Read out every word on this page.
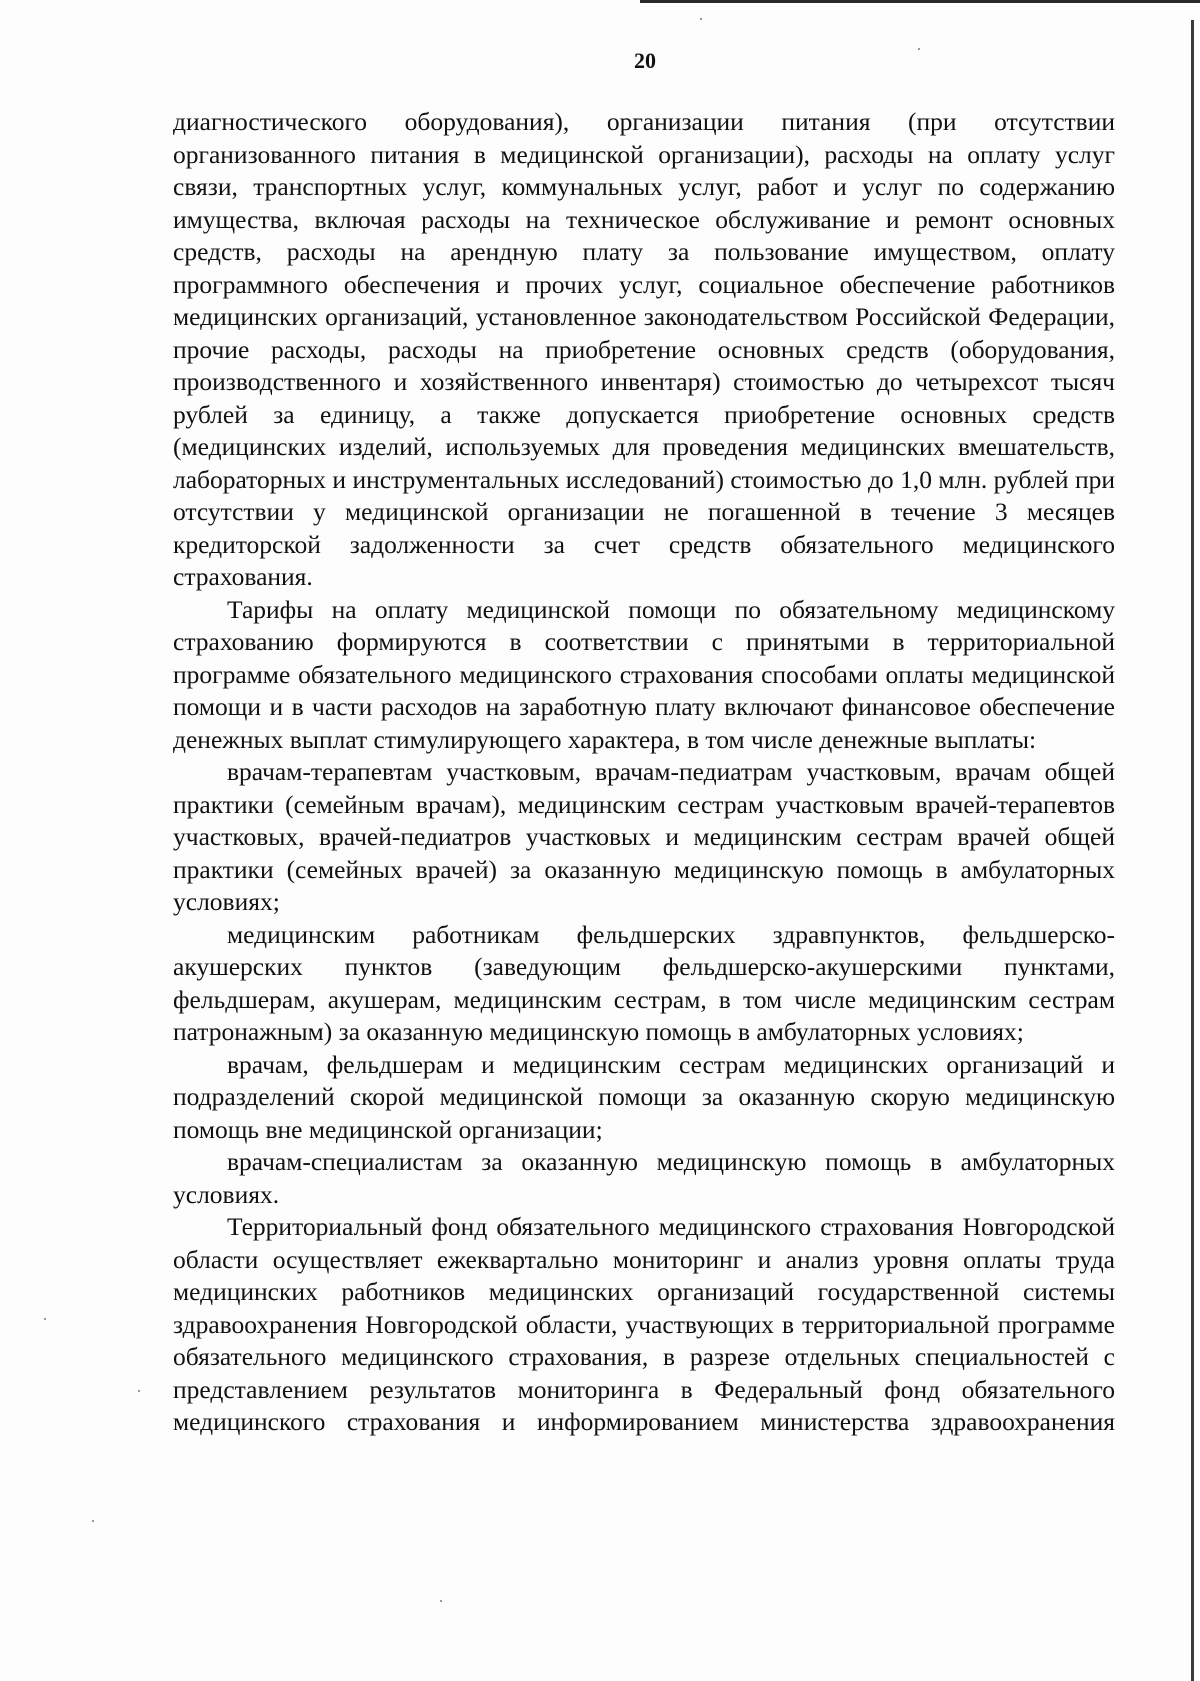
20

диагностического оборудования), организации питания (при отсутствии организованного питания в медицинской организации), расходы на оплату услуг связи, транспортных услуг, коммунальных услуг, работ и услуг по содержанию имущества, включая расходы на техническое обслуживание и ремонт основных средств, расходы на арендную плату за пользование имуществом, оплату программного обеспечения и прочих услуг, социальное обеспечение работников медицинских организаций, установленное законодательством Российской Федерации, прочие расходы, расходы на приобретение основных средств (оборудования, производственного и хозяйственного инвентаря) стоимостью до четырехсот тысяч рублей за единицу, а также допускается приобретение основных средств (медицинских изделий, используемых для проведения медицинских вмешательств, лабораторных и инструментальных исследований) стоимостью до 1,0 млн. рублей при отсутствии у медицинской организации не погашенной в течение 3 месяцев кредиторской задолженности за счет средств обязательного медицинского страхования.

Тарифы на оплату медицинской помощи по обязательному медицинскому страхованию формируются в соответствии с принятыми в территориальной программе обязательного медицинского страхования способами оплаты медицинской помощи и в части расходов на заработную плату включают финансовое обеспечение денежных выплат стимулирующего характера, в том числе денежные выплаты:

врачам-терапевтам участковым, врачам-педиатрам участковым, врачам общей практики (семейным врачам), медицинским сестрам участковым врачей-терапевтов участковых, врачей-педиатров участковых и медицинским сестрам врачей общей практики (семейных врачей) за оказанную медицинскую помощь в амбулаторных условиях;

медицинским работникам фельдшерских здравпунктов, фельдшерско-акушерских пунктов (заведующим фельдшерско-акушерскими пунктами, фельдшерам, акушерам, медицинским сестрам, в том числе медицинским сестрам патронажным) за оказанную медицинскую помощь в амбулаторных условиях;

врачам, фельдшерам и медицинским сестрам медицинских организаций и подразделений скорой медицинской помощи за оказанную скорую медицинскую помощь вне медицинской организации;

врачам-специалистам за оказанную медицинскую помощь в амбулаторных условиях.

Территориальный фонд обязательного медицинского страхования Новгородской области осуществляет ежеквартально мониторинг и анализ уровня оплаты труда медицинских работников медицинских организаций государственной системы здравоохранения Новгородской области, участвующих в территориальной программе обязательного медицинского страхования, в разрезе отдельных специальностей с представлением результатов мониторинга в Федеральный фонд обязательного медицинского страхования и информированием министерства здравоохранения
